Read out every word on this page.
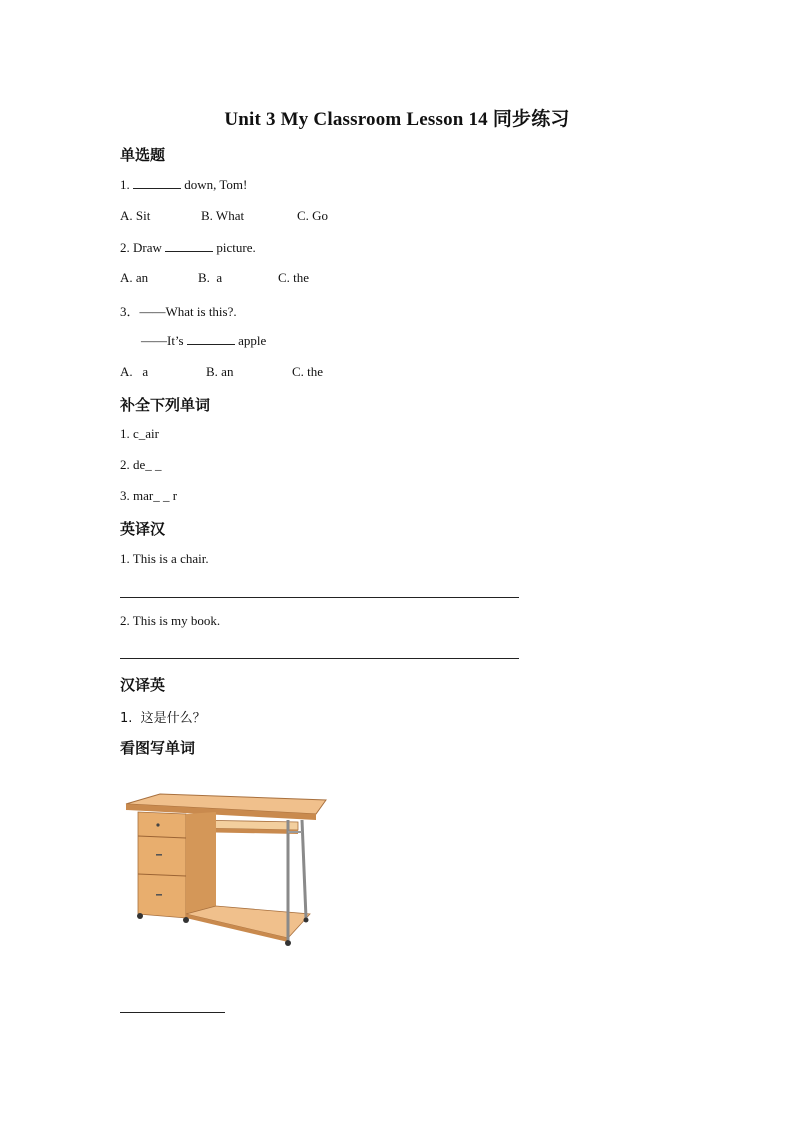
Unit 3 My Classroom Lesson 14 同步练习
单选题
1.	down, Tom!
A. Sit	B. What	C. Go
2. Draw	picture.
A. an	B.  a	C. the
3．——What is this?.
——It’s	apple
A.   a	B. an	C. the
补全下列单词
1. c_air
2. de_ _
3. mar_ _ r
英译汉
1. This is a chair.
2. This is my book.
汉译英
1.  这是什么？
看图写单词
